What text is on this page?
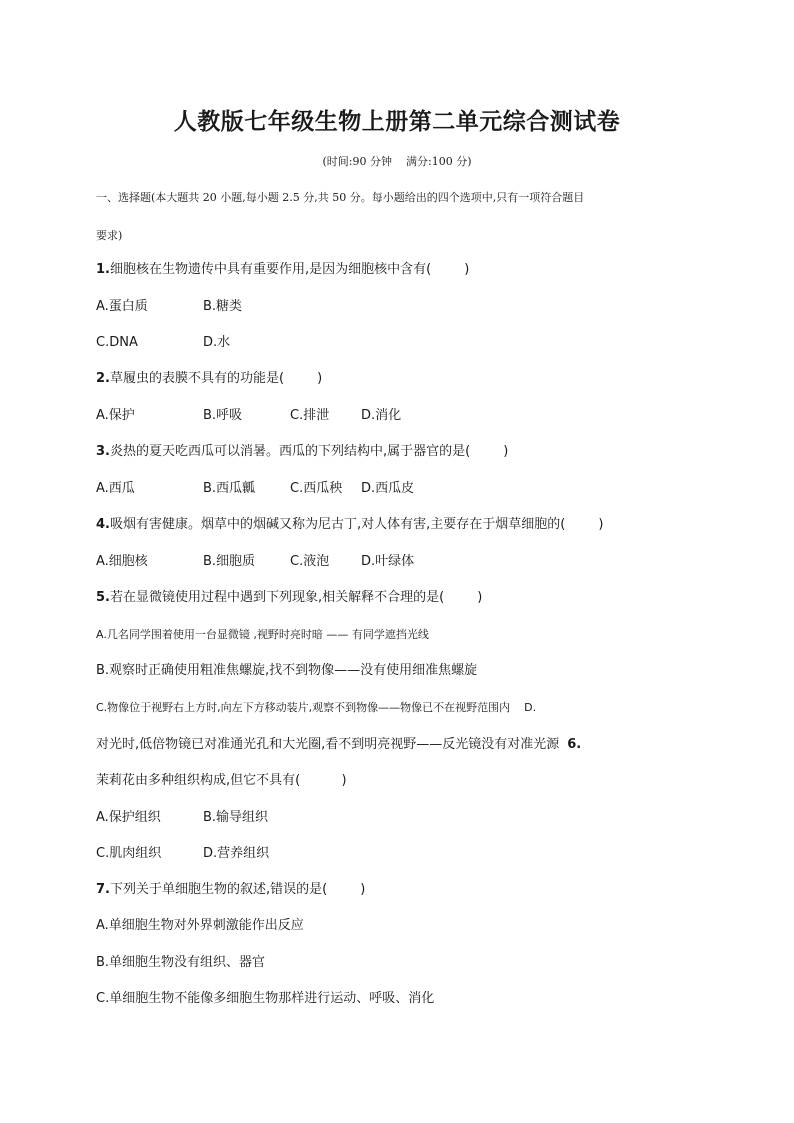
人教版七年级生物上册第二单元综合测试卷
(时间:90 分钟    满分:100 分)
一、选择题(本大题共 20 小题,每小题 2.5 分,共 50 分。每小题给出的四个选项中,只有一项符合题目
要求)
1.细胞核在生物遗传中具有重要作用,是因为细胞核中含有(        )
A.蛋白质	B.糖类
C.DNA	D.水
2.草履虫的表膜不具有的功能是(        )
A.保护	B.呼吸	C.排泄 D.消化
3.炎热的夏天吃西瓜可以消暑。西瓜的下列结构中,属于器官的是(        )
A.西瓜	B.西瓜瓤	C.西瓜秧 D.西瓜皮
4.吸烟有害健康。烟草中的烟碱又称为尼古丁,对人体有害,主要存在于烟草细胞的(        )
A.细胞核	B.细胞质	C.液泡 D.叶绿体
5.若在显微镜使用过程中遇到下列现象,相关解释不合理的是(        )
A.几名同学围着使用一台显微镜 ,视野时亮时暗 —— 有同学遮挡光线
B.观察时正确使用粗准焦螺旋,找不到物像——没有使用细准焦螺旋
C.物像位于视野右上方时,向左下方移动装片,观察不到物像——物像已不在视野范围内    D.
对光时,低倍物镜已对准通光孔和大光圈,看不到明亮视野——反光镜没有对准光源 6.
茉莉花由多种组织构成,但它不具有(          )
A.保护组织	B.输导组织
C.肌肉组织	D.营养组织
7.下列关于单细胞生物的叙述,错误的是(        )
A.单细胞生物对外界刺激能作出反应
B.单细胞生物没有组织、器官
C.单细胞生物不能像多细胞生物那样进行运动、呼吸、消化
